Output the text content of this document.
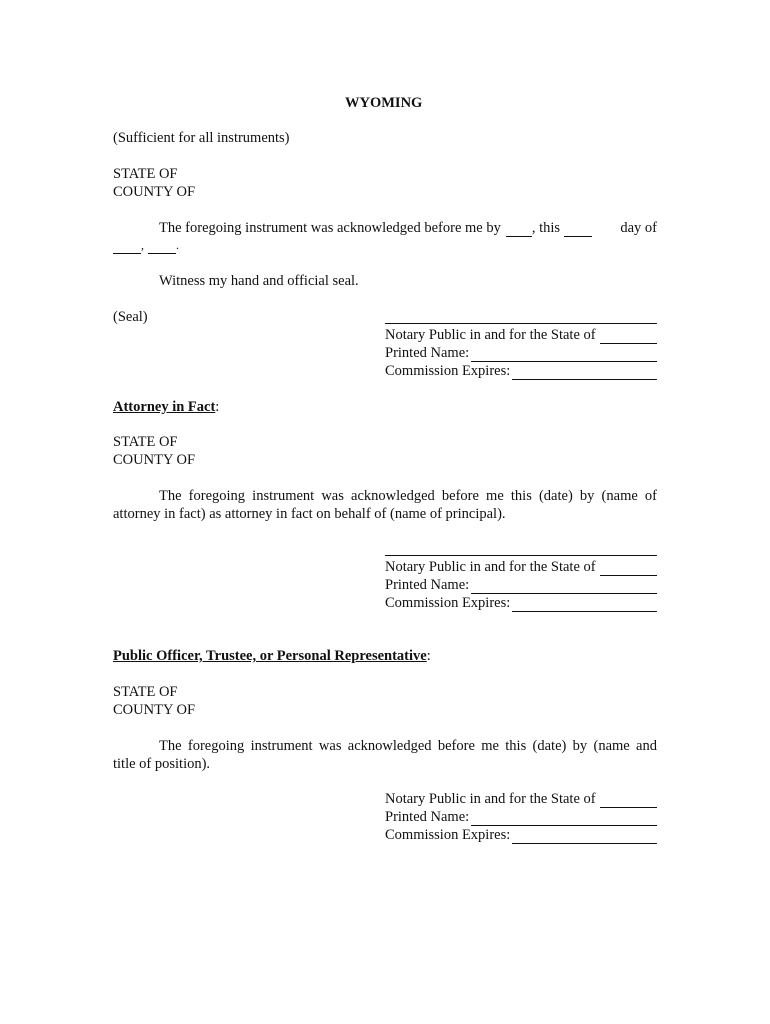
WYOMING
(Sufficient for all instruments)
STATE OF
COUNTY OF
The foregoing instrument was acknowledged before me by , this	day of
,	.
Witness my hand and official seal.
(Seal)
Notary Public in and for the State of
Printed Name:
Commission Expires:
Attorney in Fact:
STATE OF
COUNTY OF
The foregoing instrument was acknowledged before me this (date) by (name of
attorney in fact) as attorney in fact on behalf of (name of principal).
Notary Public in and for the State of
Printed Name:
Commission Expires:
Public Officer, Trustee, or Personal Representative:
STATE OF
COUNTY OF
The foregoing instrument was acknowledged before me this (date) by (name and
title of position).
Notary Public in and for the State of
Printed Name:
Commission Expires:
